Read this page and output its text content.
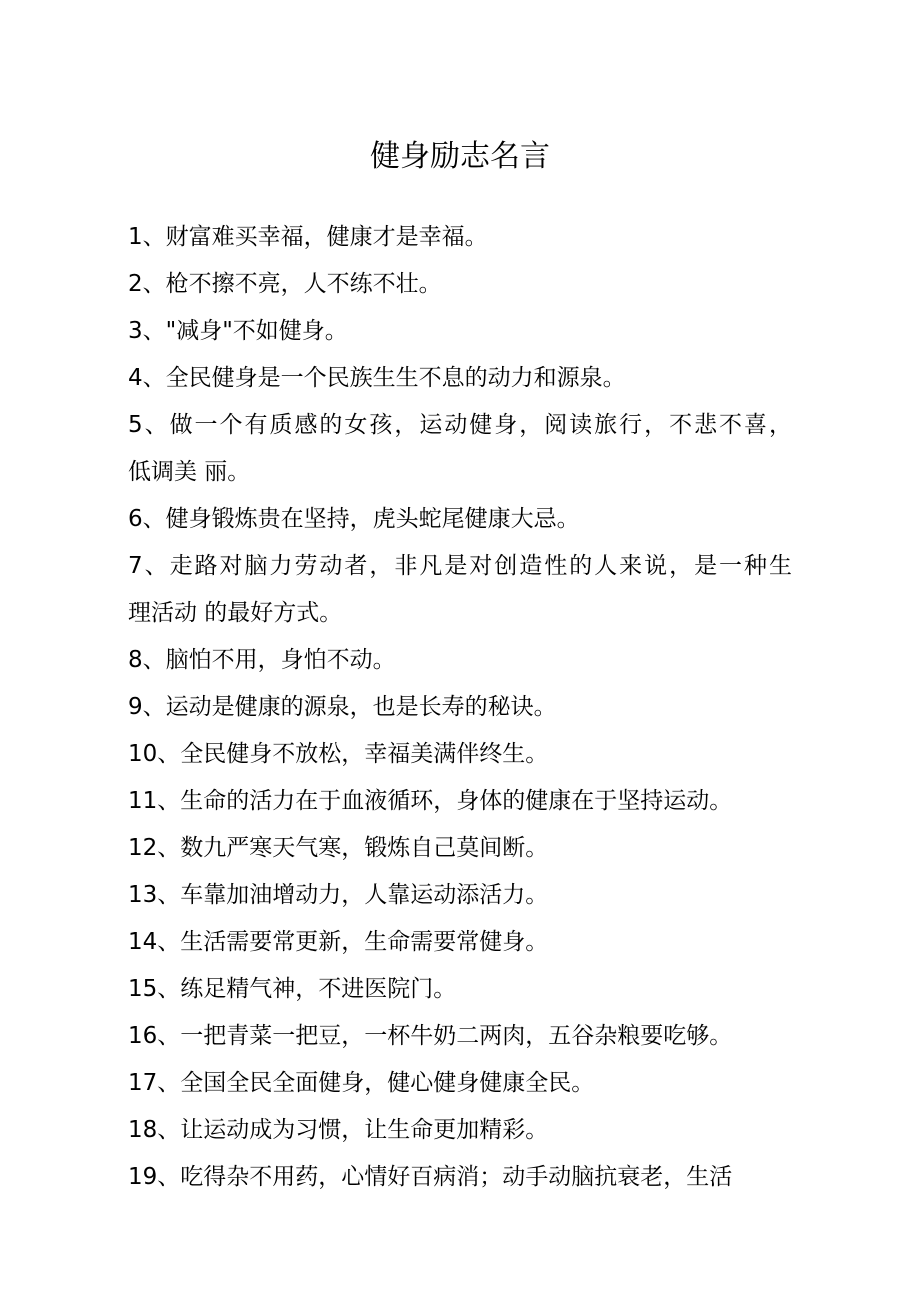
健身励志名言

1、财富难买幸福，健康才是幸福。

2、枪不擦不亮，人不练不壮。

3、"减身"不如健身。

4、全民健身是一个民族生生不息的动力和源泉。

5、做一个有质感的女孩，运动健身，阅读旅行，不悲不喜，
低调美 丽。

6、健身锻炼贵在坚持，虎头蛇尾健康大忌。

7、走路对脑力劳动者，非凡是对创造性的人来说，是一种生
理活动 的最好方式。

8、脑怕不用，身怕不动。

9、运动是健康的源泉，也是长寿的秘诀。

10、全民健身不放松，幸福美满伴终生。

11、生命的活力在于血液循环，身体的健康在于坚持运动。

12、数九严寒天气寒，锻炼自己莫间断。

13、车靠加油增动力，人靠运动添活力。

14、生活需要常更新，生命需要常健身。

15、练足精气神，不进医院门。

16、一把青菜一把豆，一杯牛奶二两肉，五谷杂粮要吃够。

17、全国全民全面健身，健心健身健康全民。

18、让运动成为习惯，让生命更加精彩。

19、吃得杂不用药，心情好百病消；动手动脑抗衰老，生活
